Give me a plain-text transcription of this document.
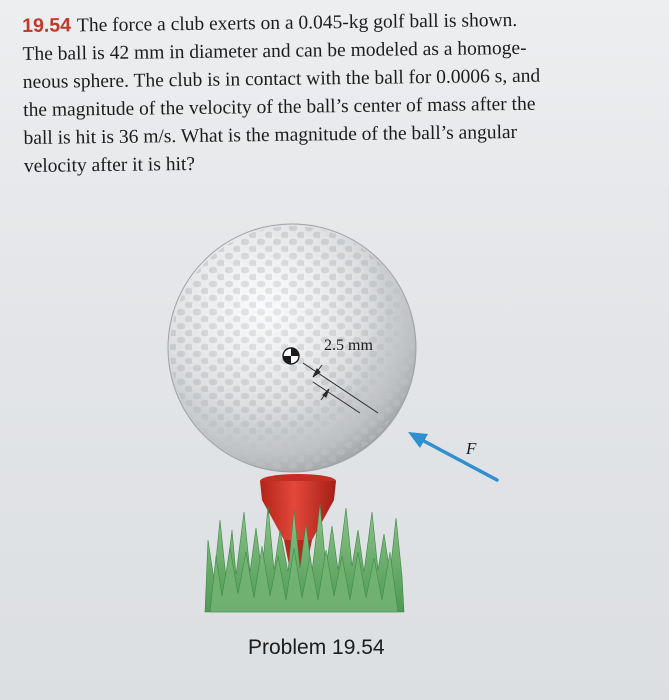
19.54 The force a club exerts on a 0.045-kg golf ball is shown.
The ball is 42 mm in diameter and can be modeled as a homoge-
neous sphere. The club is in contact with the ball for 0.0006 s, and
the magnitude of the velocity of the ball’s center of mass after the
ball is hit is 36 m/s. What is the magnitude of the ball’s angular
velocity after it is hit?
2.5 mm
F
Problem 19.54
